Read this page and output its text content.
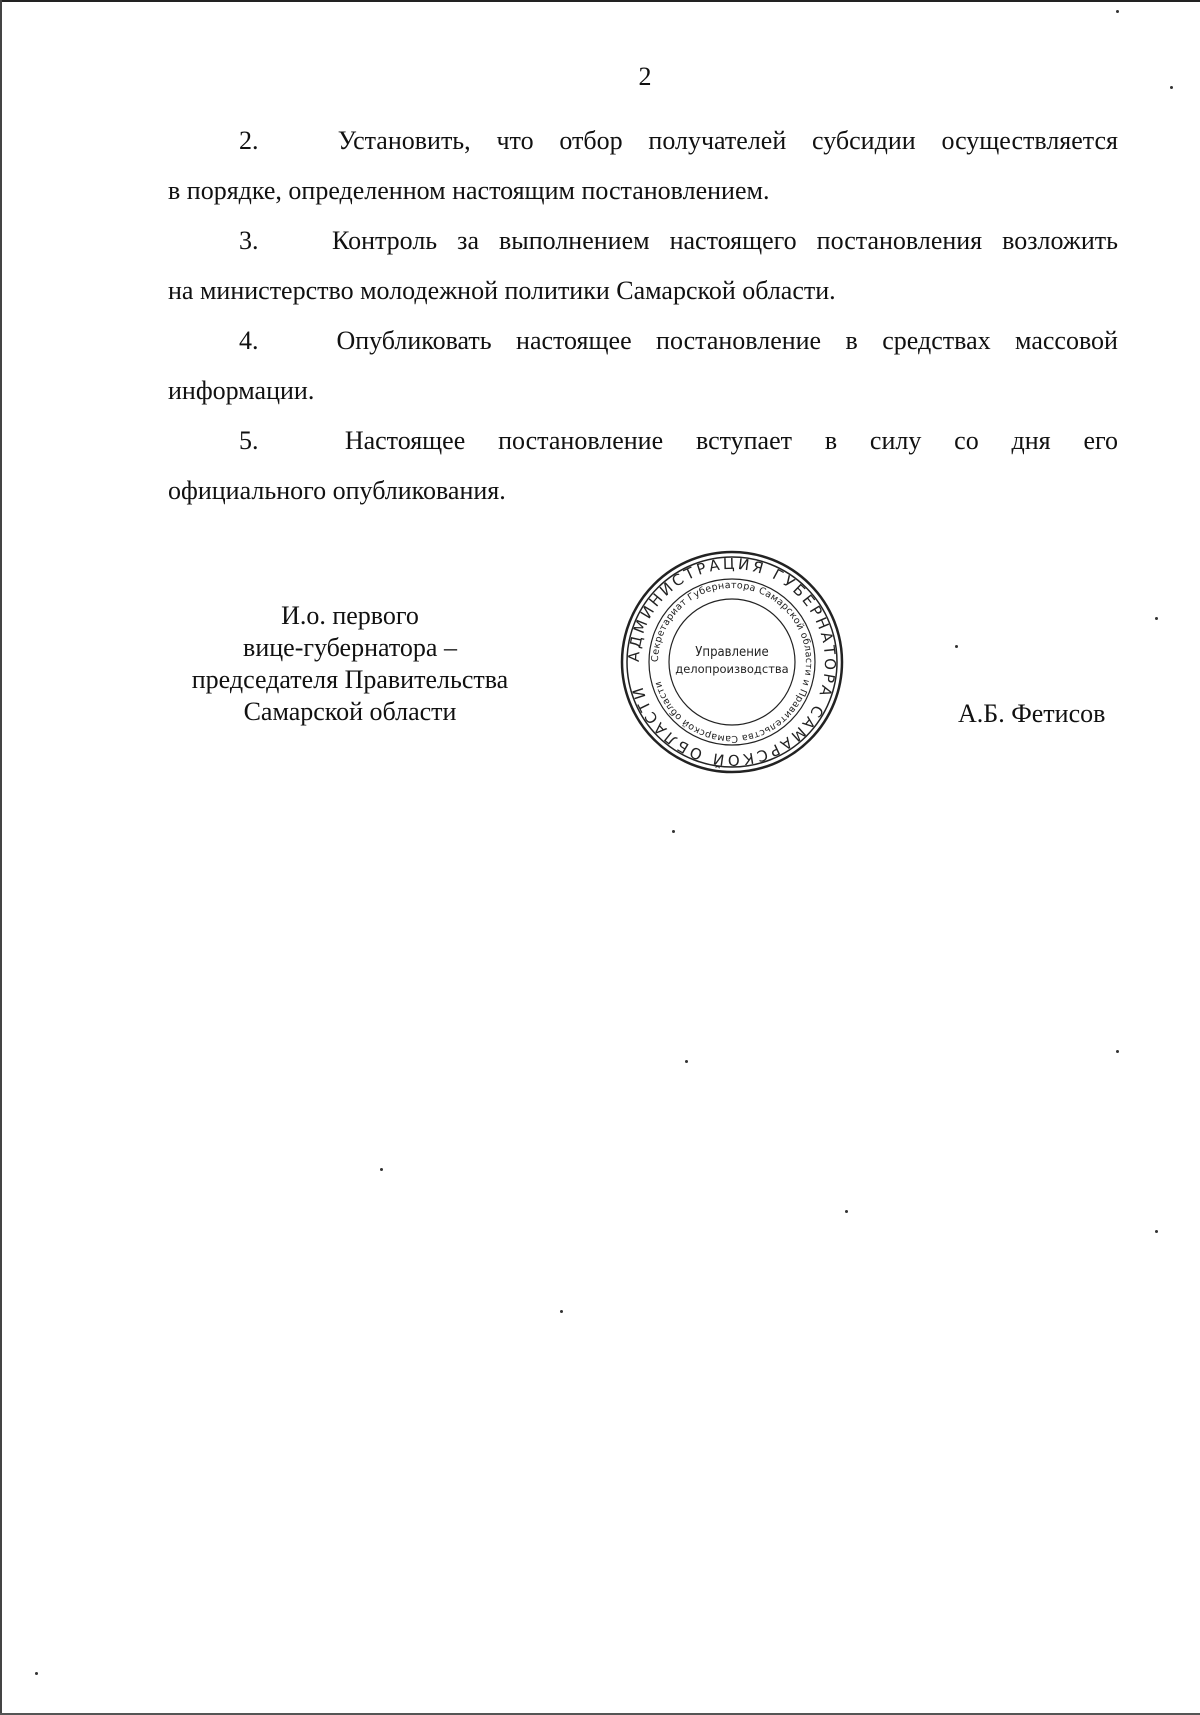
2
2.	Установить, что отбор получателей субсидии осуществляется
в порядке, определенном настоящим постановлением.
3.	Контроль за выполнением настоящего постановления возложить
на министерство молодежной политики Самарской области.
4.	Опубликовать настоящее постановление в средствах массовой
информации.
5.	Настоящее постановление вступает в силу со дня его
официального опубликования.
И.о. первого
вице-губернатора –
председателя Правительства
Самарской области
АДМИНИСТРАЦИЯ ГУБЕРНАТОРА САМАРСКОЙ ОБЛАСТИ
Секретариат Губернатора Самарской области и Правительства Самарской области
Управление
делопроизводства
А.Б. Фетисов
